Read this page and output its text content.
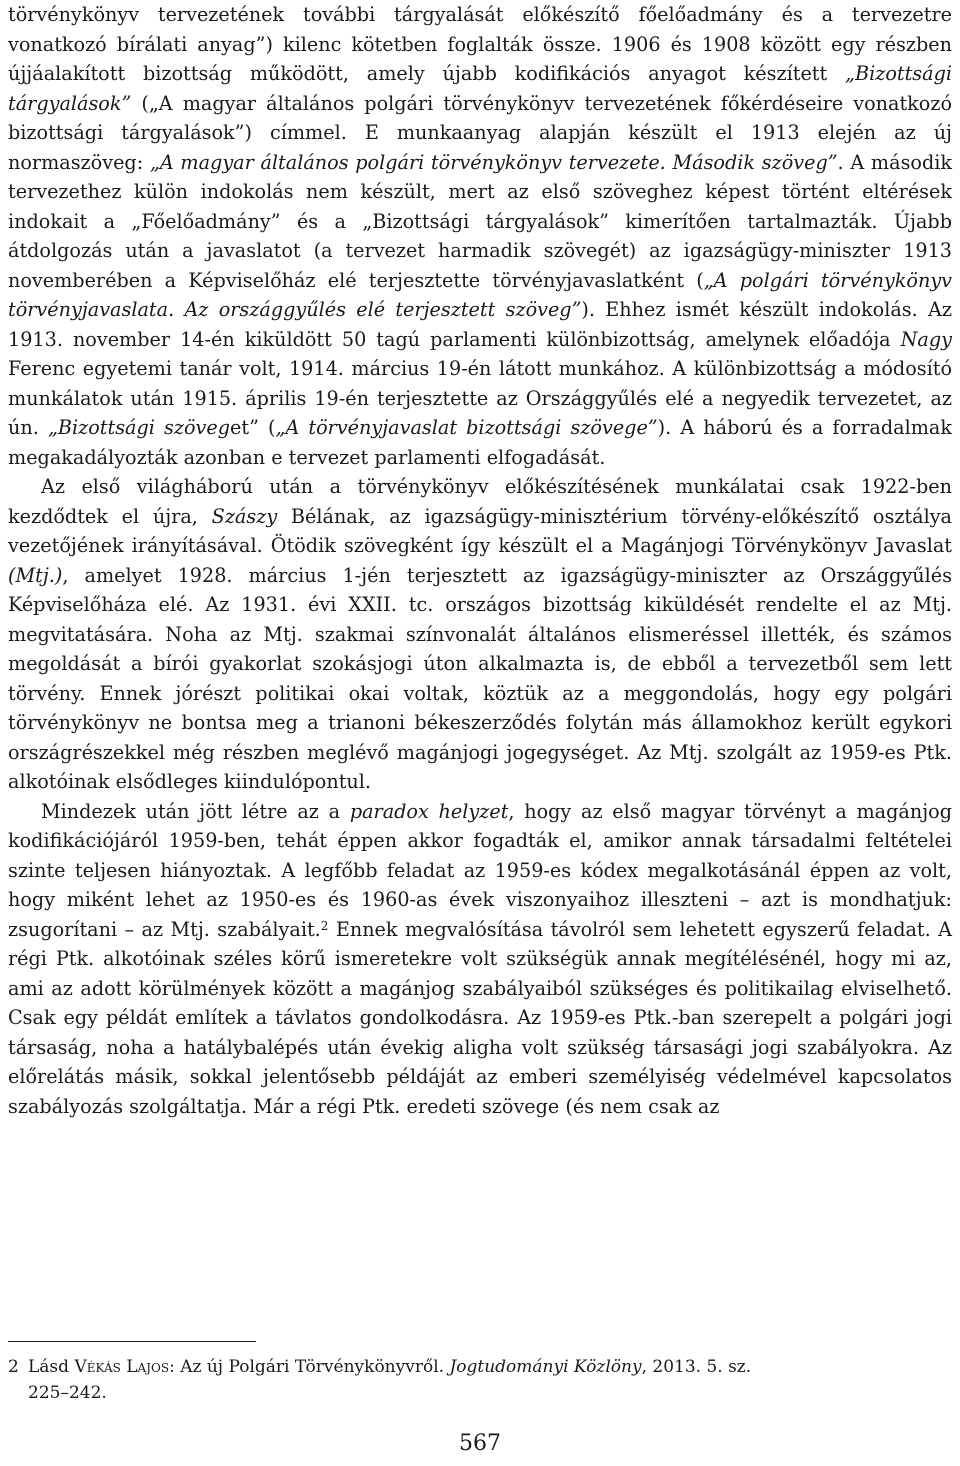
törvénykönyv tervezetének további tárgyalását előkészítő főelőadmány és a tervezetre vonatkozó bírálati anyag”) kilenc kötetben foglalták össze. 1906 és 1908 között egy részben újjáalakított bizottság működött, amely újabb kodifikációs anyagot készített „Bizottsági tárgyalások” („A magyar általános polgári törvénykönyv tervezetének főkérdéseire vonatkozó bizottsági tárgyalások”) címmel. E munkaanyag alapján készült el 1913 elején az új normaszöveg: „A magyar általános polgári törvénykönyv tervezete. Második szöveg”. A második tervezethez külön indokolás nem készült, mert az első szöveghez képest történt eltérések indokait a „Főelőadmány” és a „Bizottsági tárgyalások” kimerítően tartalmazták. Újabb átdolgozás után a javaslatot (a tervezet harmadik szövegét) az igazságügy-miniszter 1913 novemberében a Képviselőház elé terjesztette törvényjavaslatként („A polgári törvénykönyv törvényjavaslata. Az országgyűlés elé terjesztett szöveg”). Ehhez ismét készült indokolás. Az 1913. november 14-én kiküldött 50 tagú parlamenti különbizottság, amelynek előadója Nagy Ferenc egyetemi tanár volt, 1914. március 19-én látott munkához. A különbizottság a módosító munkálatok után 1915. április 19-én terjesztette az Országgyűlés elé a negyedik tervezetet, az ún. „Bizottsági szöveget” („A törvényjavaslat bizottsági szövege”). A háború és a forradalmak megakadályozták azonban e tervezet parlamenti elfogadását.

Az első világháború után a törvénykönyv előkészítésének munkálatai csak 1922-ben kezdődtek el újra, Szászy Bélának, az igazságügy-minisztérium törvény-előkészítő osztálya vezetőjének irányításával. Ötödik szövegként így készült el a Magánjogi Törvénykönyv Javaslat (Mtj.), amelyet 1928. március 1-jén terjesztett az igazságügy-miniszter az Országgyűlés Képviselőháza elé. Az 1931. évi XXII. tc. országos bizottság kiküldését rendelte el az Mtj. megvitatására. Noha az Mtj. szakmai színvonalát általános elismeréssel illették, és számos megoldását a bírói gyakorlat szokásjogi úton alkalmazta is, de ebből a tervezetből sem lett törvény. Ennek jórészt politikai okai voltak, köztük az a meggondolás, hogy egy polgári törvénykönyv ne bontsa meg a trianoni békeszerződés folytán más államokhoz került egykori országrészekkel még részben meglévő magánjogi jogegységet. Az Mtj. szolgált az 1959-es Ptk. alkotóinak elsődleges kiindulópontul.

Mindezek után jött létre az a paradox helyzet, hogy az első magyar törvényt a magánjog kodifikációjáról 1959-ben, tehát éppen akkor fogadták el, amikor annak társadalmi feltételei szinte teljesen hiányoztak. A legfőbb feladat az 1959-es kódex megalkotásánál éppen az volt, hogy miként lehet az 1950-es és 1960-as évek viszonyaihoz illeszteni – azt is mondhatjuk: zsugorítani – az Mtj. szabályait.$^2$ Ennek megvalósítása távolról sem lehetett egyszerű feladat. A régi Ptk. alkotóinak széles körű ismeretekre volt szükségük annak megítélésénél, hogy mi az, ami az adott körülmények között a magánjog szabályaiból szükséges és politikailag elviselhető. Csak egy példát említek a távlatos gondolkodásra. Az 1959-es Ptk.-ban szerepelt a polgári jogi társaság, noha a hatálybalépés után évekig aligha volt szükség társasági jogi szabályokra. Az előrelátás másik, sokkal jelentősebb példáját az emberi személyiség védelmével kapcsolatos szabályozás szolgáltatja. Már a régi Ptk. eredeti szövege (és nem csak az

2 Lásd Vékás Lajos: Az új Polgári Törvénykönyvről. Jogtudományi Közlöny, 2013. 5. sz.
225–242.
567
